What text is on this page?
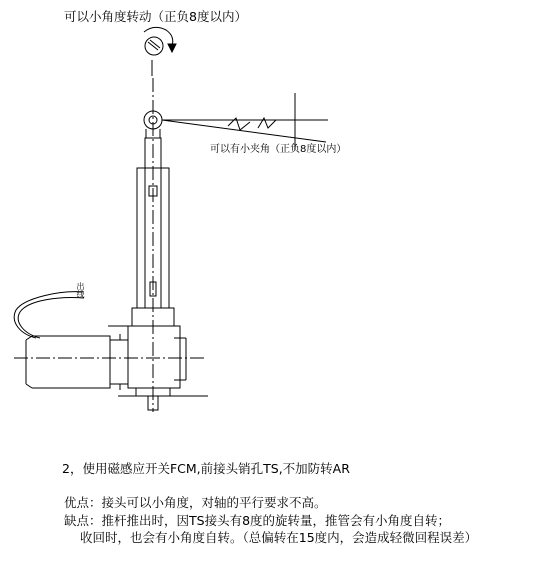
可以小角度转动（正负8度以内）
可以有小夹角（正负8度以内）
出线
2，使用磁感应开关FCM,前接头销孔TS,不加防转AR
优点：接头可以小角度，对轴的平行要求不高。
缺点：推杆推出时，因TS接头有8度的旋转量，推管会有小角度自转；
收回时，也会有小角度自转。（总偏转在15度内，会造成轻微回程误差）
